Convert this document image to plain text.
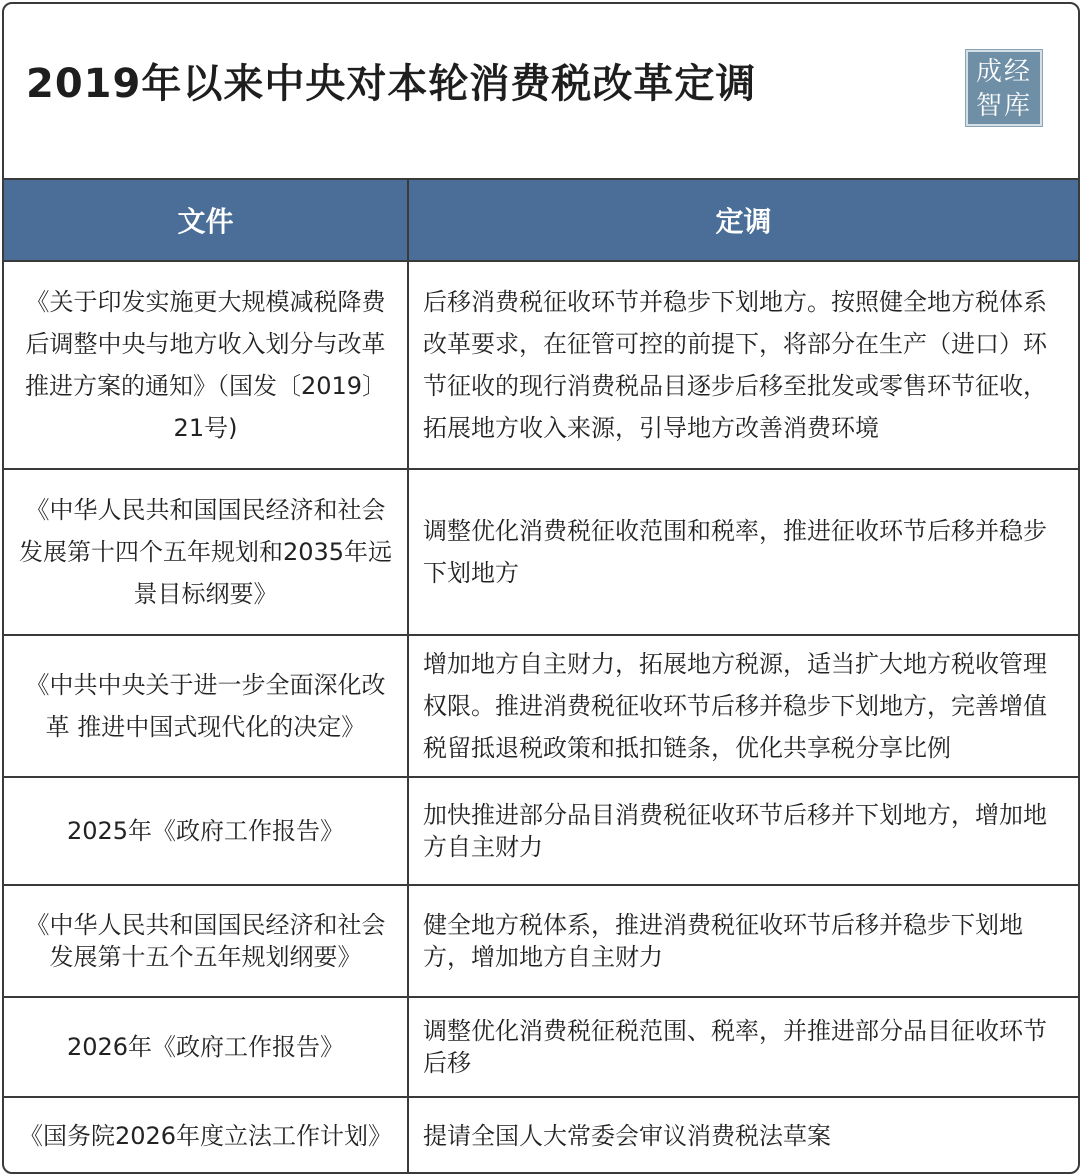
2019年以来中央对本轮消费税改革定调	成经
智库
文件	定调
《关于印发实施更大规模减税降费后调整中央与地方收入划分与改革推进方案的通知》（国发〔2019〕21号)	后移消费税征收环节并稳步下划地方。按照健全地方税体系改革要求，在征管可控的前提下，将部分在生产（进口）环节征收的现行消费税品目逐步后移至批发或零售环节征收，拓展地方收入来源，引导地方改善消费环境
《中华人民共和国国民经济和社会发展第十四个五年规划和2035年远景目标纲要》	调整优化消费税征收范围和税率，推进征收环节后移并稳步下划地方
《中共中央关于进一步全面深化改革 推进中国式现代化的决定》	增加地方自主财力，拓展地方税源，适当扩大地方税收管理权限。推进消费税征收环节后移并稳步下划地方，完善增值税留抵退税政策和抵扣链条，优化共享税分享比例
2025年《政府工作报告》	加快推进部分品目消费税征收环节后移并下划地方，增加地方自主财力
《中华人民共和国国民经济和社会发展第十五个五年规划纲要》	健全地方税体系，推进消费税征收环节后移并稳步下划地方，增加地方自主财力
2026年《政府工作报告》	调整优化消费税征税范围、税率，并推进部分品目征收环节后移
《国务院2026年度立法工作计划》	提请全国人大常委会审议消费税法草案
